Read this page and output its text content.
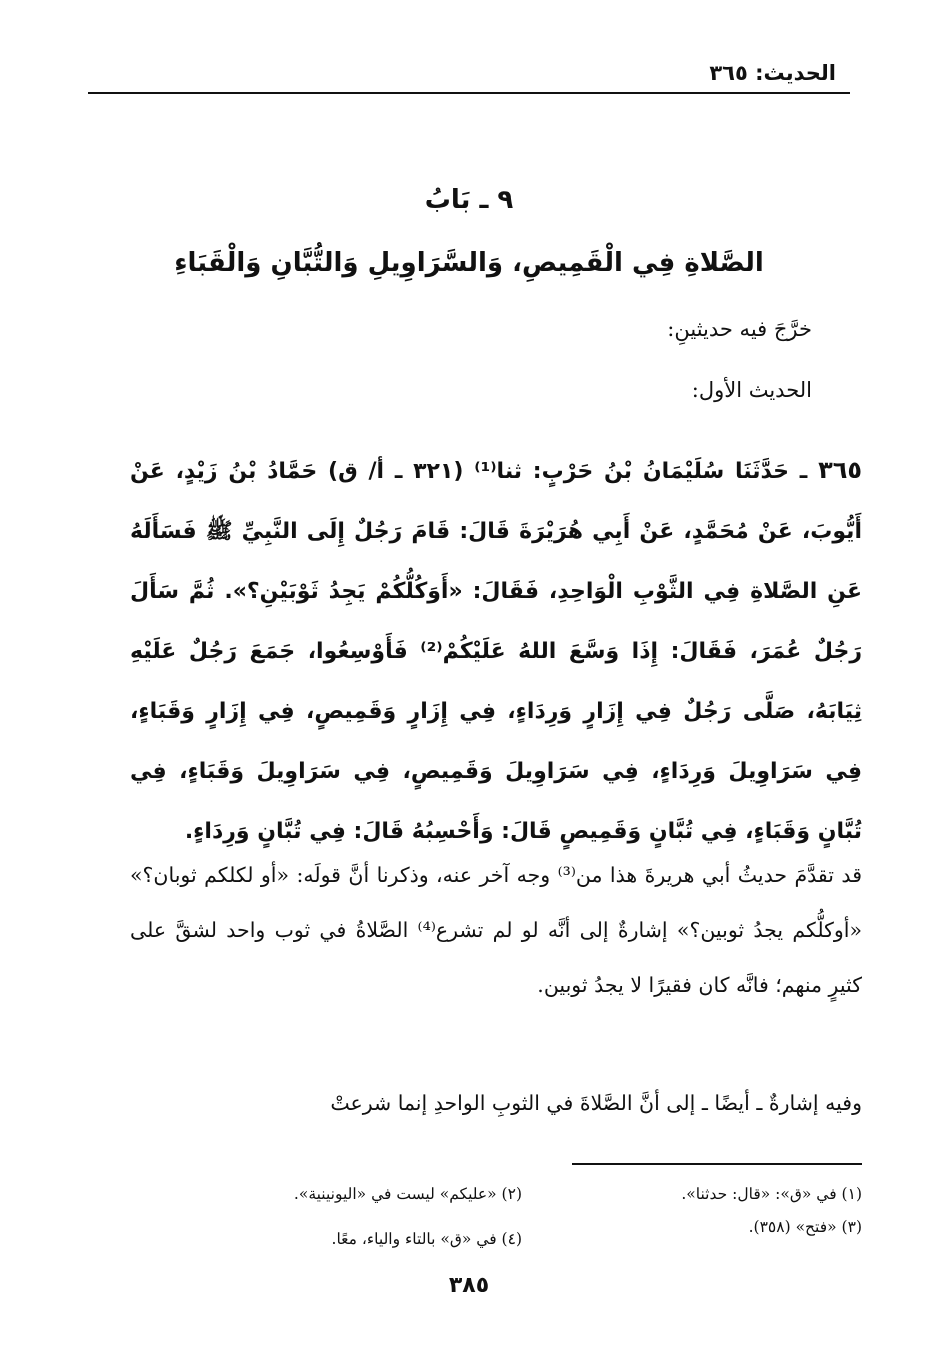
الحديث: ٣٦٥
٩ ـ بَابُ
الصَّلاةِ فِي الْقَمِيصِ، وَالسَّرَاوِيلِ وَالتُّبَّانِ وَالْقَبَاءِ
خرَّجَ فيه حديثينِ:
الحديث الأول:
٣٦٥ ـ حَدَّثَنَا سُلَيْمَانُ بْنُ حَرْبٍ: ثنا⁽¹⁾ (٣٢١ ـ أ/ ق) حَمَّادُ بْنُ زَيْدٍ، عَنْ أَيُّوبَ، عَنْ مُحَمَّدٍ، عَنْ أَبِي هُرَيْرَةَ قَالَ: قَامَ رَجُلٌ إِلَى النَّبِيِّ ﷺ فَسَأَلَهُ عَنِ الصَّلاةِ فِي الثَّوْبِ الْوَاحِدِ، فَقَالَ: «أَوَكُلُّكُمْ يَجِدُ ثَوْبَيْنِ؟». ثُمَّ سَأَلَ رَجُلٌ عُمَرَ، فَقَالَ: إِذَا وَسَّعَ اللهُ عَلَيْكُمْ⁽²⁾ فَأَوْسِعُوا، جَمَعَ رَجُلٌ عَلَيْهِ ثِيَابَهُ، صَلَّى رَجُلٌ فِي إِزَارٍ وَرِدَاءٍ، فِي إِزَارٍ وَقَمِيصٍ، فِي إِزَارٍ وَقَبَاءٍ، فِي سَرَاوِيلَ وَرِدَاءٍ، فِي سَرَاوِيلَ وَقَمِيصٍ، فِي سَرَاوِيلَ وَقَبَاءٍ، فِي تُبَّانٍ وَقَبَاءٍ، فِي تُبَّانٍ وَقَمِيصٍ قَالَ: وَأَحْسِبُهُ قَالَ: فِي تُبَّانٍ وَرِدَاءٍ.
قد تقدَّمَ حديثُ أبي هريرةَ هذا من⁽³⁾ وجه آخر عنه، وذكرنا أنَّ قولَه: «أو لكلكم ثوبان؟» «أوكلُّكم يجدُ ثوبين؟» إشارةٌ إلى أنَّه لو لم تشرع⁽⁴⁾ الصَّلاةُ في ثوب واحد لشقَّ على كثيرٍ منهم؛ فانَّه كان فقيرًا لا يجدُ ثوبين.
وفيه إشارةٌ ـ أيضًا ـ إلى أنَّ الصَّلاةَ في الثوبِ الواحدِ إنما شرعتْ
(١) في «ق»: «قال: حدثنا».
(٢) «عليكم» ليست في «اليونينية».
(٣) «فتح» (٣٥٨).
(٤) في «ق» بالتاء والياء، معًا.
٣٨٥
